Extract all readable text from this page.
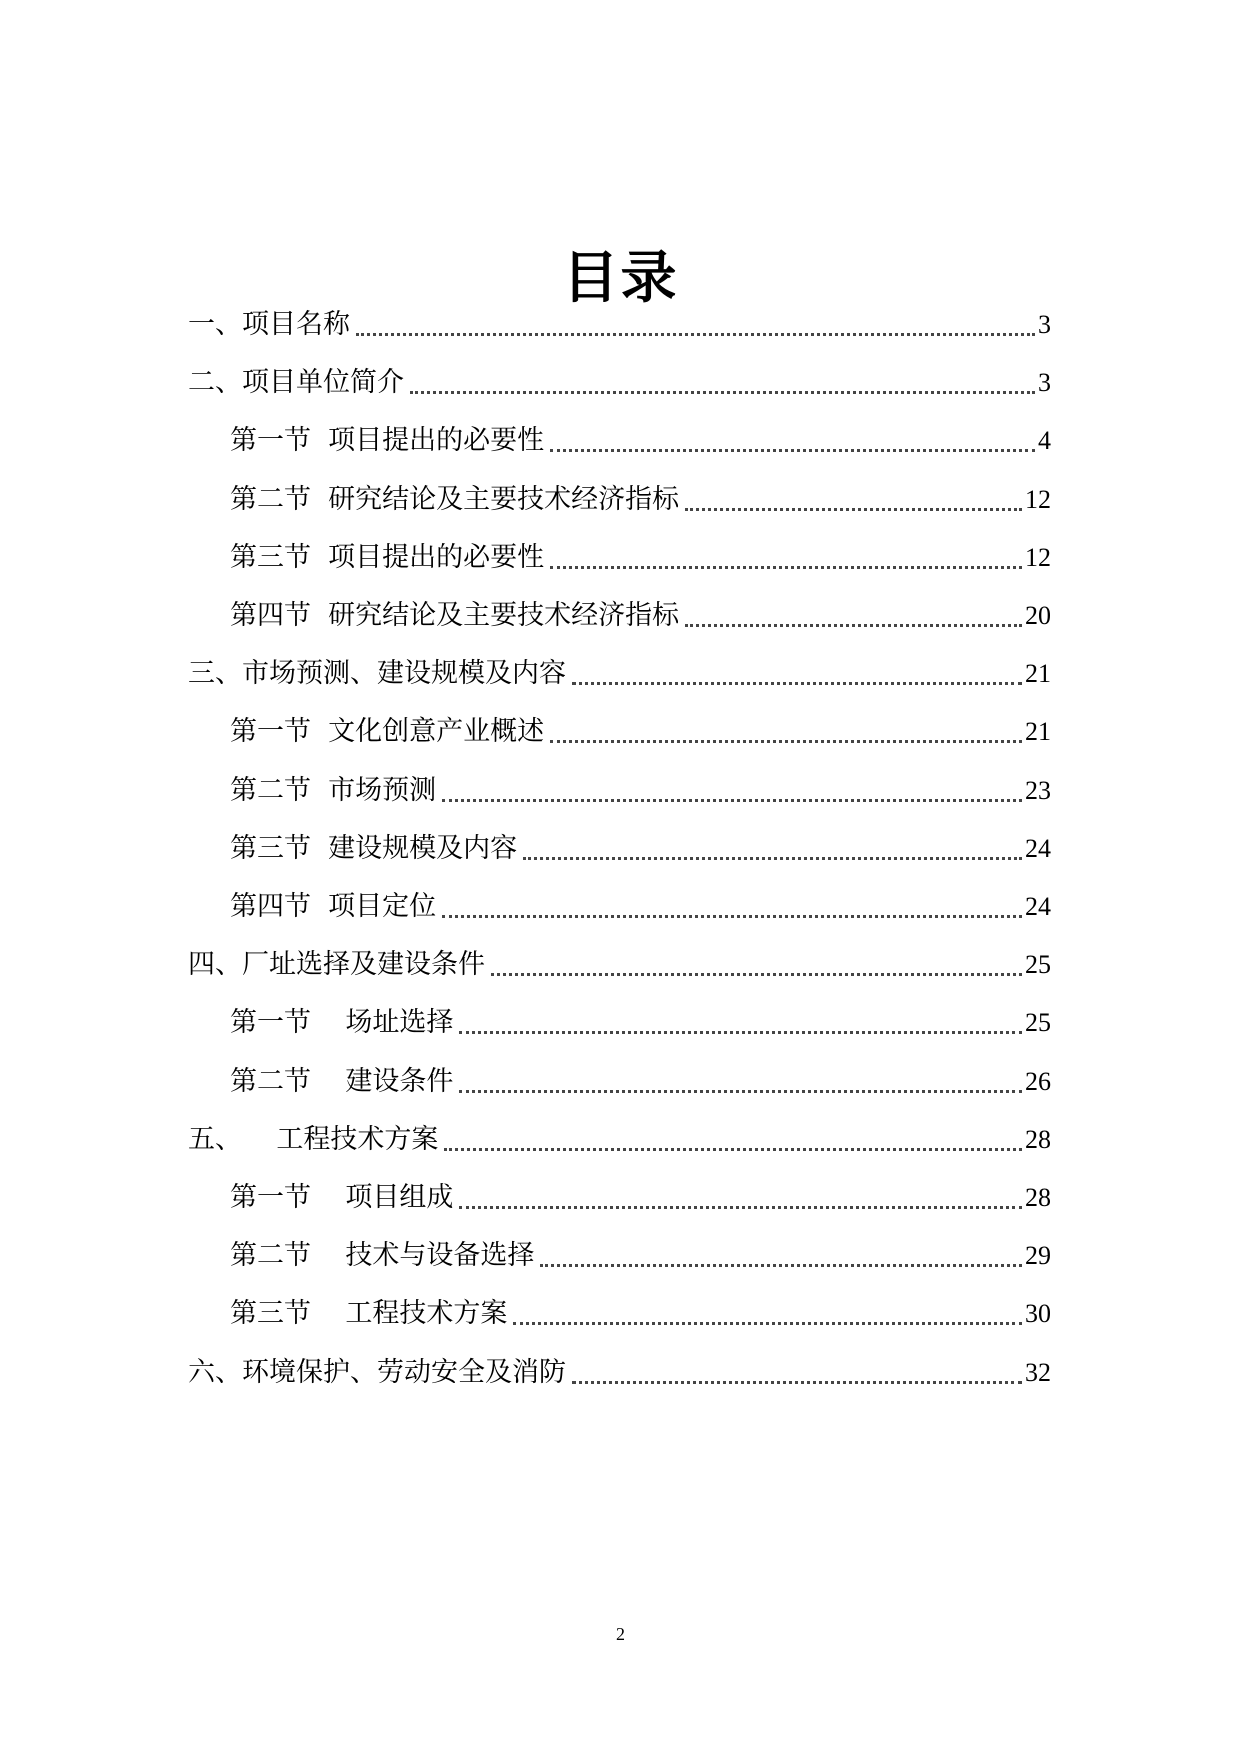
目录
一、项目名称	3
二、项目单位简介	3
第一节  项目提出的必要性	4
第二节  研究结论及主要技术经济指标	12
第三节  项目提出的必要性	12
第四节  研究结论及主要技术经济指标	20
三、市场预测、建设规模及内容	21
第一节  文化创意产业概述	21
第二节  市场预测	23
第三节  建设规模及内容	24
第四节  项目定位	24
四、厂址选择及建设条件	25
第一节    场址选择	25
第二节    建设条件	26
五、    工程技术方案	28
第一节    项目组成	28
第二节    技术与设备选择	29
第三节    工程技术方案	30
六、环境保护、劳动安全及消防	32
2
